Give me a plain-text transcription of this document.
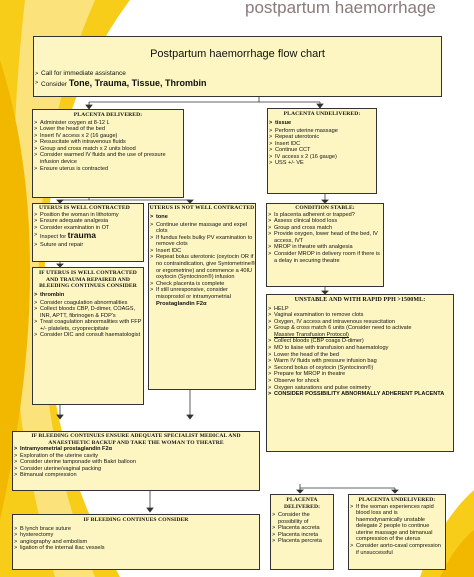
postpartum haemorrhage
Postpartum haemorrhage flow chart
> Call for immediate assistance
> Consider Tone, Trauma, Tissue, Thrombin
PLACENTA DELIVERED:
> Administer oxygen at 8-12 L
> Lower the head of the bed
> Insert IV access x 2 (16 gauge)
> Resuscitate with intravenous fluids
> Group and cross match x 2 units blood
> Consider warmed IV fluids and the use of pressure infusion device
> Ensure uterus is contracted
PLACENTA UNDELIVERED:
> tissue
> Perform uterine massage
> Repeat uterotonic
> Insert IDC
> Continue CCT
> IV access x 2 (16 gauge)
> USS +/- VE
UTERUS IS WELL CONTRACTED
> Position the woman in lithotomy
> Ensure adequate analgesia
> Consider examination in OT
> Inspect for trauma
> Suture and repair
UTERUS IS NOT WELL CONTRACTED
> tone
> Continue uterine massage and expel clots
> If fundus feels bulky PV examination to remove clots
> Insert IDC
> Repeat bolus uterotonic (oxytocin OR if no contraindication, give Syntometrine® or ergometrine) and commence a 40IU oxytocin (Syntocinon®) infusion
> Check placenta is complete
> If still unresponsive, consider misoprostol or intramyometrial
Prostaglandin F2α
CONDITION STABLE:
> Is placenta adherent or trapped?
> Assess clinical blood loss
> Group and cross match
> Provide oxygen, lower head of the bed, IV access, IVT
> MROP in theatre with analgesia
> Consider MROP in delivery room if there is a delay in securing theatre
IF UTERUS IS WELL CONTRACTED AND TRAUMA REPAIRED AND BLEEDING CONTINUES CONSIDER
> thrombin
> Consider coagulation abnormalities
> Collect bloods CBP, D-dimer, COAGS, INR, APTT, fibrinogen & FDP's
> Treat coagulation abnormalities with FFP +/- platelets, cryoprecipitate
> Consider DIC and consult haematologist
UNSTABLE AND WITH RAPID PPH >1500ML:
> HELP
> Vaginal examination to remove clots
> Oxygen, IV access and intravenous resuscitation
> Group & cross match 6 units (Consider need to activate
Massive Transfusion Protocol)
> Collect bloods (CBP coags D-dimer)
> MO to liaise with transfusion and haematology
> Lower the head of the bed
> Warm IV fluids with pressure infusion bag
> Second bolus of oxytocin (Syntocinon®)
> Prepare for MROP in theatre
> Observe for shock
> Oxygen saturations and pulse oximetry
> CONSIDER POSSIBILITY ABNORMALLY ADHERENT PLACENTA
IF BLEEDING CONTINUES ENSURE ADEQUATE SPECIALIST MEDICAL AND ANAESTHETIC BACKUP AND TAKE THE WOMAN TO THEATRE
> Intramyometrial prostaglandin F2α
> Exploration of the uterine cavity
> Consider uterine tamponade with Bakri balloon
> Consider uterine/vaginal packing
> Bimanual compression
IF BLEEDING CONTINUES CONSIDER
> B lynch brace suture
> hysterectomy
> angiography and embolism
> ligation of the internal iliac vessels
PLACENTA DELIVERED:
> Consider the possibility of
> Placenta accreta
> Placenta increta
> Placenta percreta
PLACENTA UNDELIVERED:
> If the woman experiences rapid blood loss and is haemodynamically unstable delegate 2 people to continue uterine massage and bimanual compression of the uterus
> Consider aorto-caval compression if unsuccessful
